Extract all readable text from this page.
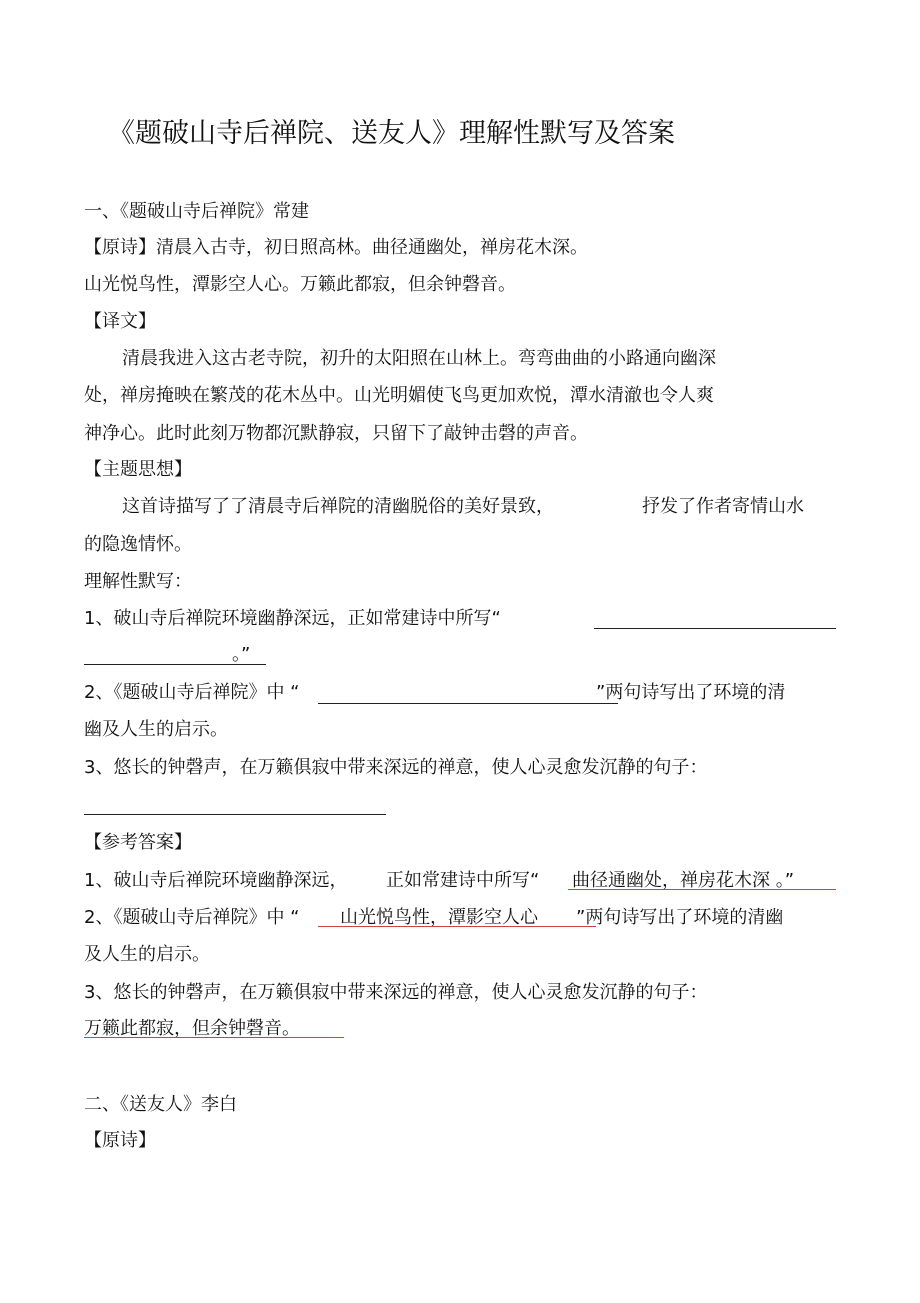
《题破山寺后禅院、送友人》理解性默写及答案
一、《题破山寺后禅院》常建
【原诗】清晨入古寺，初日照高林。曲径通幽处，禅房花木深。
山光悦鸟性，潭影空人心。万籁此都寂，但余钟磬音。
【译文】
清晨我进入这古老寺院，初升的太阳照在山林上。弯弯曲曲的小路通向幽深
处，禅房掩映在繁茂的花木丛中。山光明媚使飞鸟更加欢悦，潭水清澈也令人爽
神净心。此时此刻万物都沉默静寂，只留下了敲钟击磬的声音。
【主题思想】
这首诗描写了了清晨寺后禅院的清幽脱俗的美好景致，	抒发了作者寄情山水
的隐逸情怀。
理解性默写：
1、破山寺后禅院环境幽静深远，正如常建诗中所写“
。”
2、《题破山寺后禅院》中 “	”两句诗写出了环境的清
幽及人生的启示。
3、悠长的钟磬声，在万籁俱寂中带来深远的禅意，使人心灵愈发沉静的句子：
【参考答案】
1、破山寺后禅院环境幽静深远， 正如常建诗中所写“ 曲径通幽处，禅房花木深 。”
2、《题破山寺后禅院》中 “ 山光悦鸟性，潭影空人心 ”两句诗写出了环境的清幽
及人生的启示。
3、悠长的钟磬声，在万籁俱寂中带来深远的禅意，使人心灵愈发沉静的句子：
万籁此都寂，但余钟磬音。
二、《送友人》李白
【原诗】
